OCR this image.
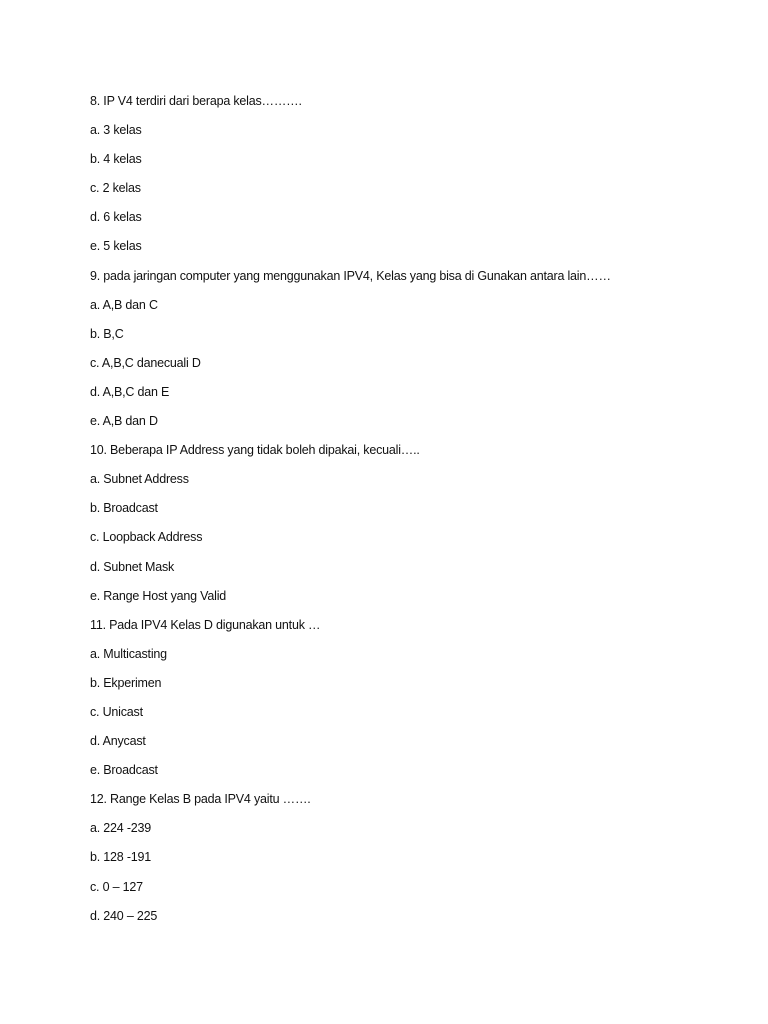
8. IP V4 terdiri dari berapa kelas……….
a. 3 kelas
b. 4 kelas
c. 2 kelas
d. 6 kelas
e. 5 kelas
9. pada jaringan computer yang menggunakan IPV4, Kelas yang bisa di Gunakan antara lain……
a. A,B dan C
b. B,C
c. A,B,C danecuali D
d. A,B,C dan E
e. A,B dan D
10. Beberapa IP Address yang tidak boleh dipakai, kecuali…..
a. Subnet Address
b. Broadcast
c. Loopback Address
d. Subnet Mask
e. Range Host yang Valid
11. Pada IPV4 Kelas D digunakan untuk …
a. Multicasting
b. Ekperimen
c. Unicast
d. Anycast
e. Broadcast
12. Range Kelas B pada IPV4 yaitu …….
a. 224 -239
b. 128 -191
c. 0 – 127
d. 240 – 225
